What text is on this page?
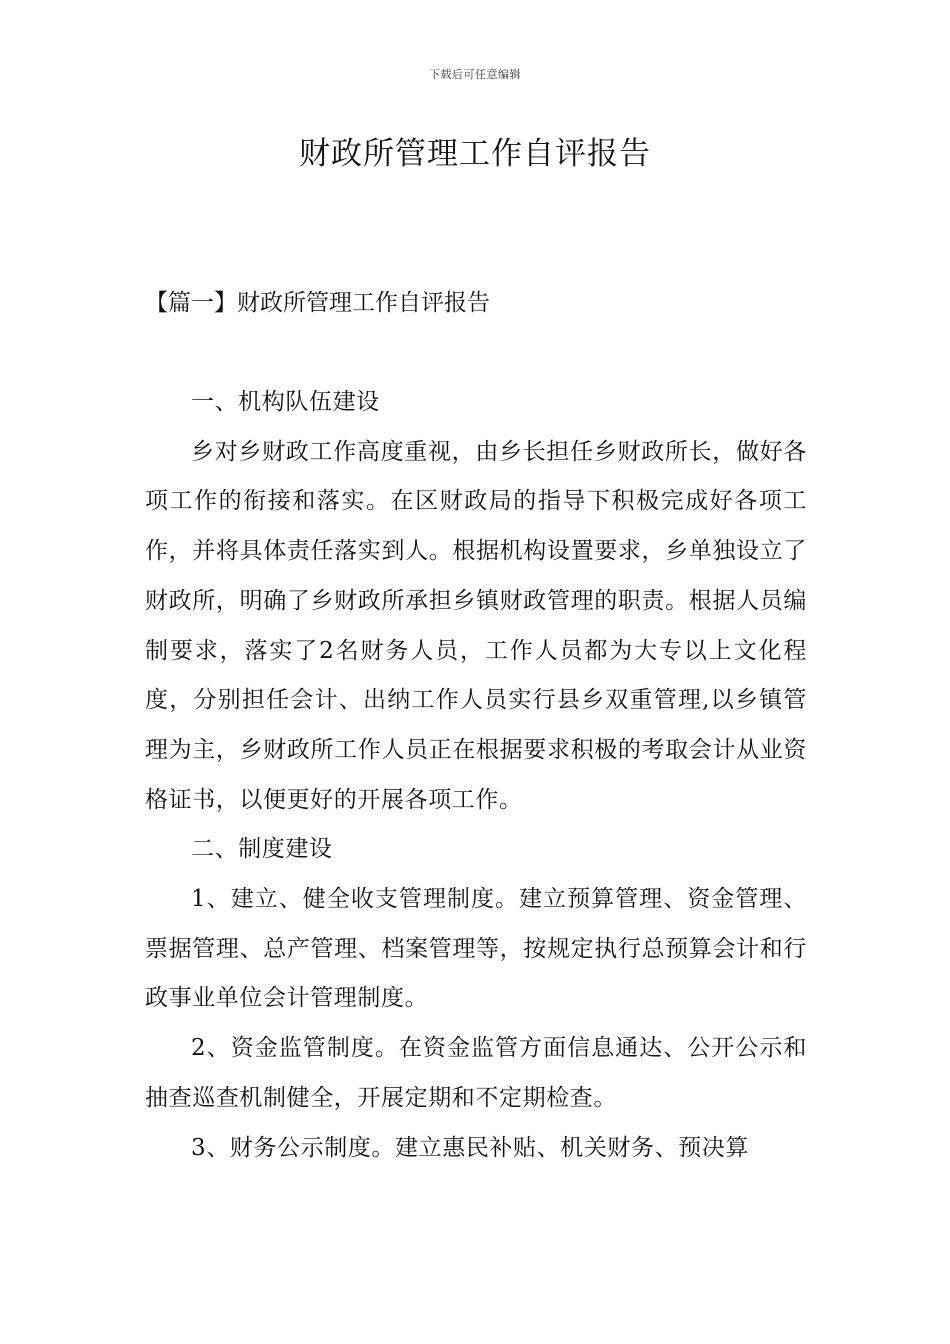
下载后可任意编辑
财政所管理工作自评报告
【篇一】财政所管理工作自评报告

一、机构队伍建设

乡对乡财政工作高度重视，由乡长担任乡财政所长，做好各项工作的衔接和落实。在区财政局的指导下积极完成好各项工作，并将具体责任落实到人。根据机构设置要求，乡单独设立了财政所，明确了乡财政所承担乡镇财政管理的职责。根据人员编制要求，落实了2名财务人员，工作人员都为大专以上文化程度，分别担任会计、出纳工作人员实行县乡双重管理,以乡镇管理为主，乡财政所工作人员正在根据要求积极的考取会计从业资格证书，以便更好的开展各项工作。

二、制度建设

1、建立、健全收支管理制度。建立预算管理、资金管理、票据管理、总产管理、档案管理等，按规定执行总预算会计和行政事业单位会计管理制度。

2、资金监管制度。在资金监管方面信息通达、公开公示和抽查巡查机制健全，开展定期和不定期检查。

3、财务公示制度。建立惠民补贴、机关财务、预决算
